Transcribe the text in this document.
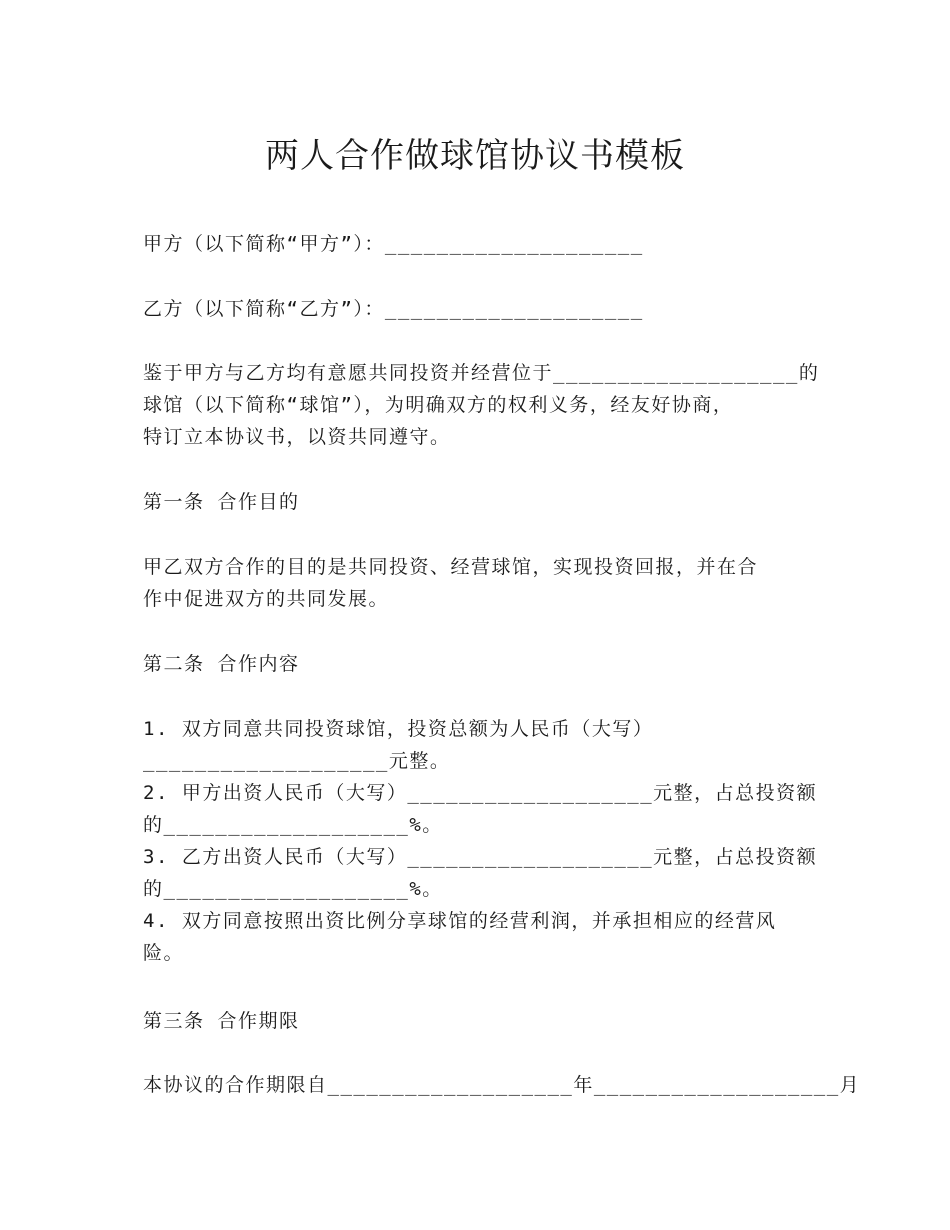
两人合作做球馆协议书模板
甲方（以下简称“甲方”）：____________________
乙方（以下简称“乙方”）：____________________
鉴于甲方与乙方均有意愿共同投资并经营位于___________________的
球馆（以下简称“球馆”），为明确双方的权利义务，经友好协商，
特订立本协议书，以资共同遵守。
第一条 合作目的
甲乙双方合作的目的是共同投资、经营球馆，实现投资回报，并在合
作中促进双方的共同发展。
第二条 合作内容
1. 双方同意共同投资球馆，投资总额为人民币（大写）
___________________元整。
2. 甲方出资人民币（大写）___________________元整，占总投资额
的___________________%。
3. 乙方出资人民币（大写）___________________元整，占总投资额
的___________________%。
4. 双方同意按照出资比例分享球馆的经营利润，并承担相应的经营风
险。
第三条 合作期限
本协议的合作期限自___________________年___________________月
